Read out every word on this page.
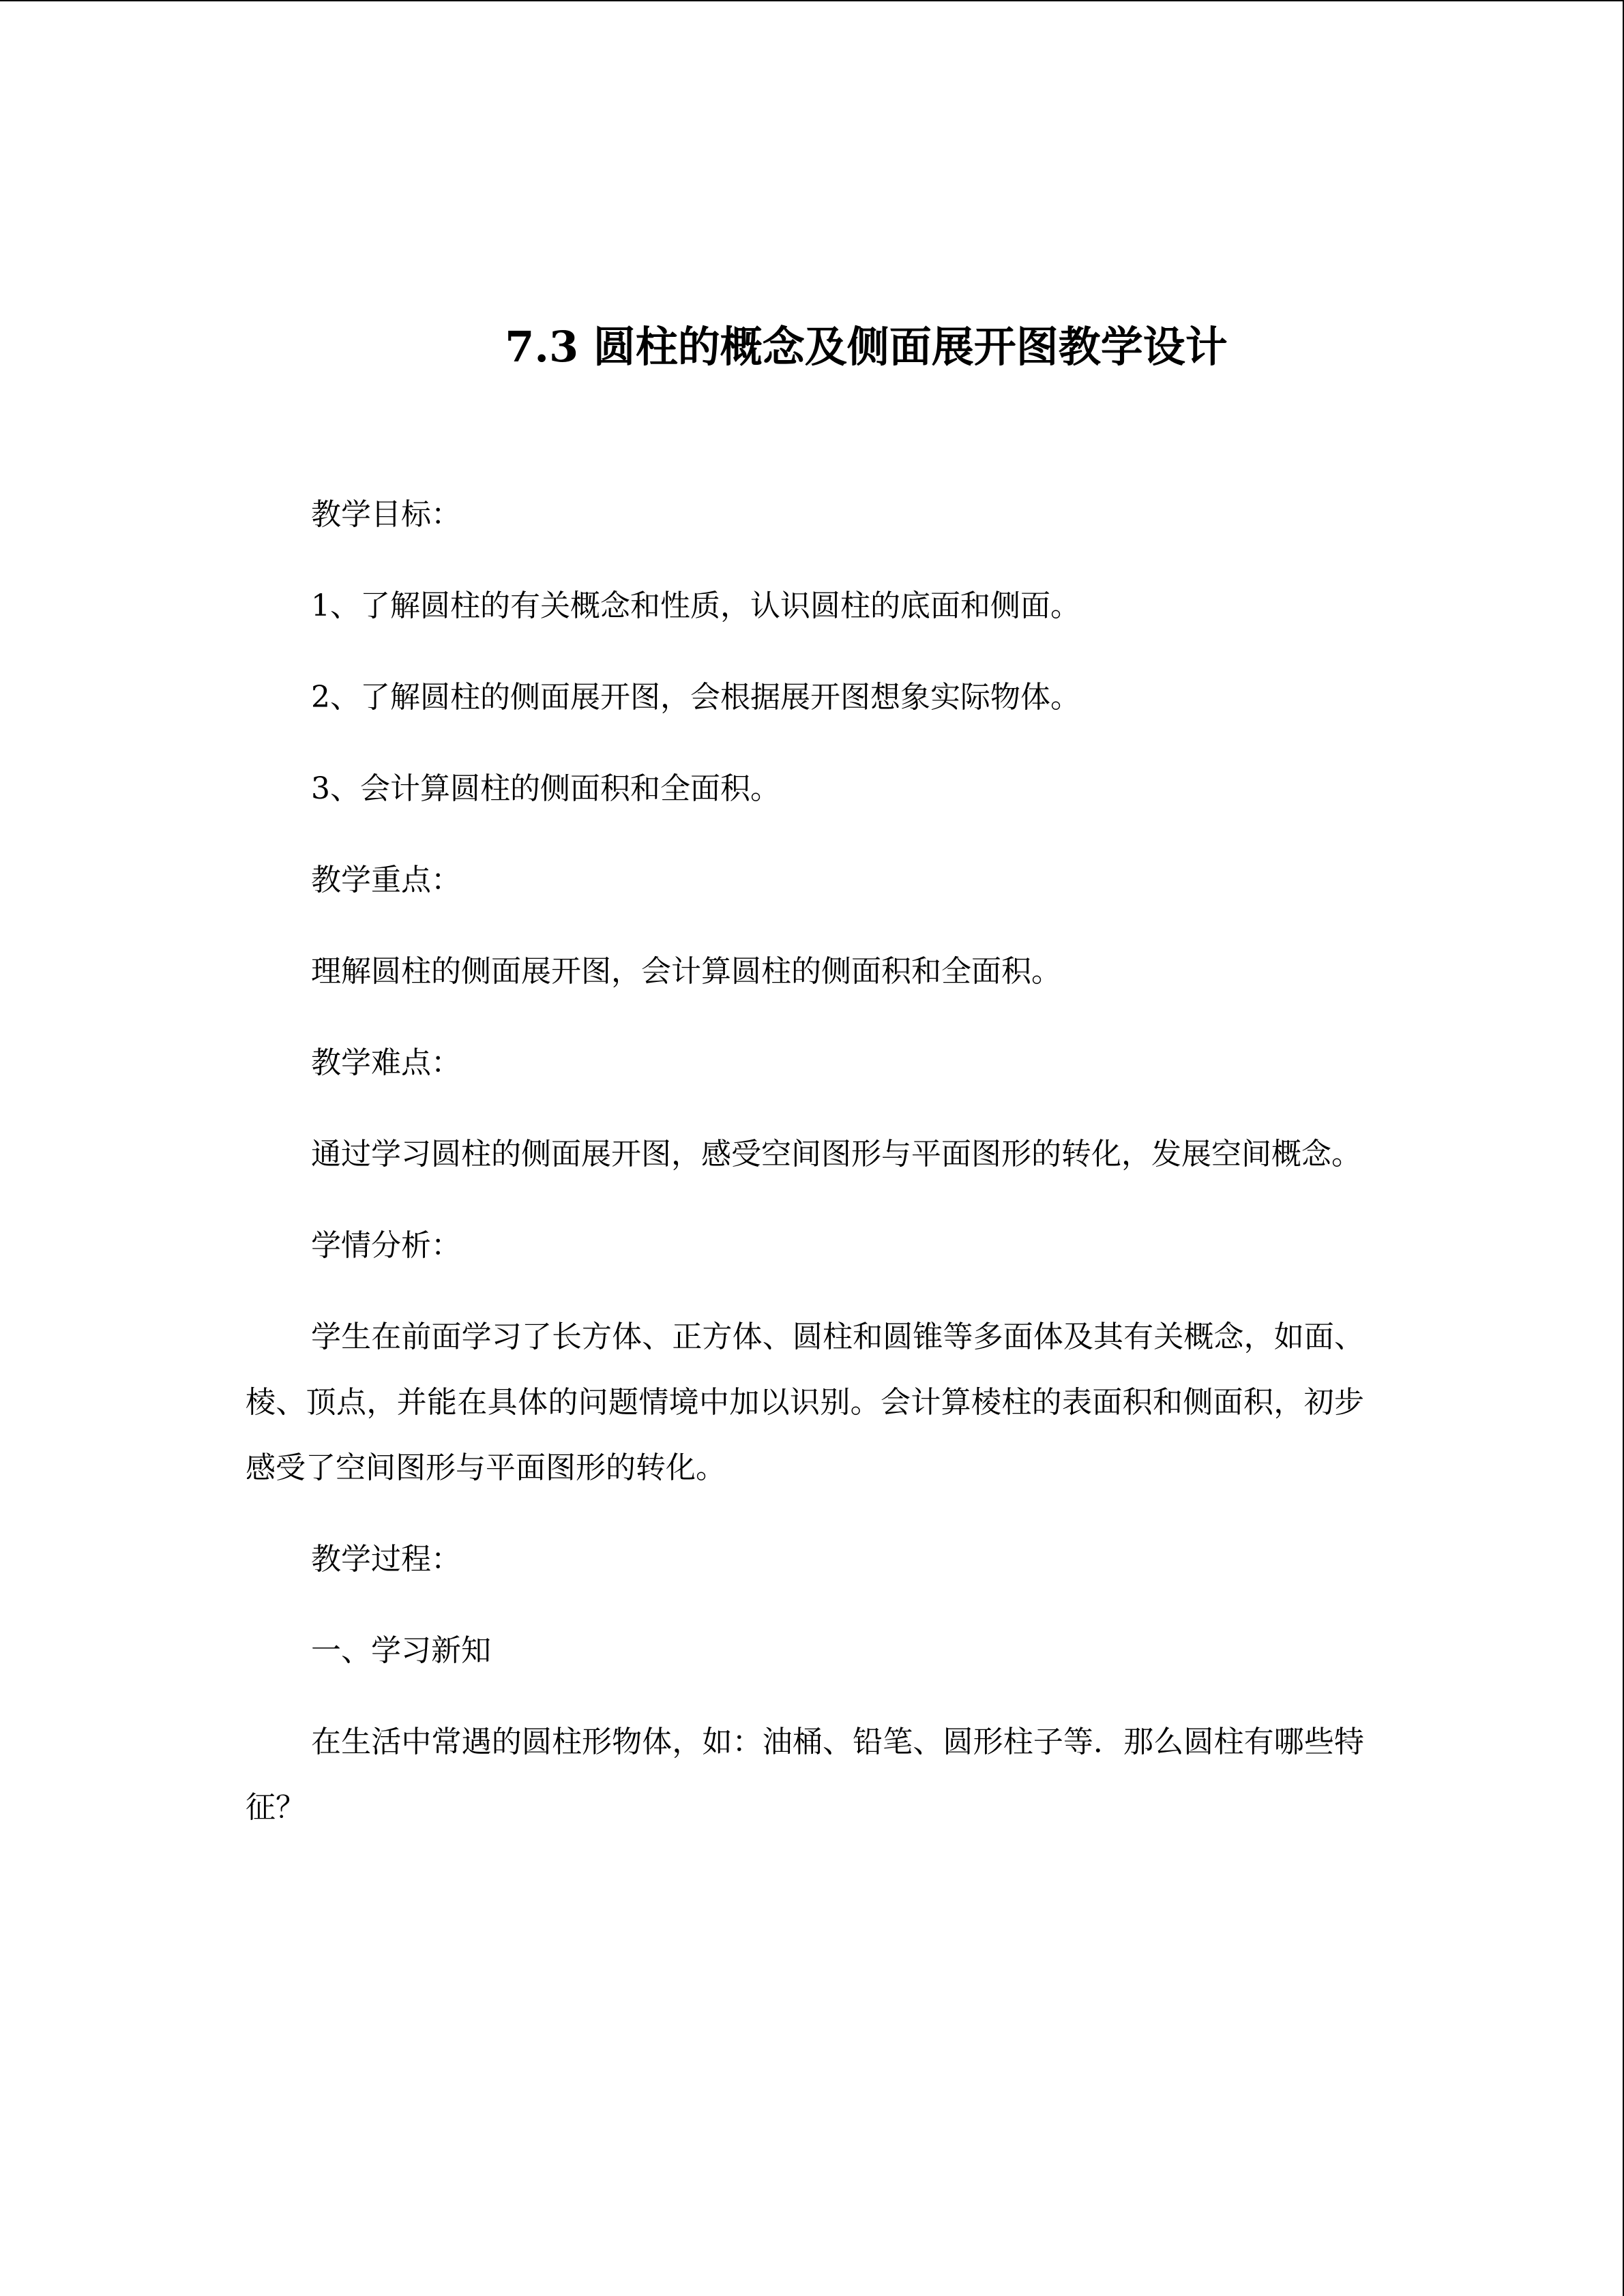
7.3 圆柱的概念及侧面展开图教学设计

教学目标：

1、了解圆柱的有关概念和性质，认识圆柱的底面和侧面。

2、了解圆柱的侧面展开图，会根据展开图想象实际物体。

3、会计算圆柱的侧面积和全面积。

教学重点：

理解圆柱的侧面展开图，会计算圆柱的侧面积和全面积。

教学难点：

通过学习圆柱的侧面展开图，感受空间图形与平面图形的转化，发展空间概念。

学情分析：

学生在前面学习了长方体、正方体、圆柱和圆锥等多面体及其有关概念，如面、棱、顶点，并能在具体的问题情境中加以识别。会计算棱柱的表面积和侧面积，初步感受了空间图形与平面图形的转化。

教学过程：

一、学习新知

在生活中常遇的圆柱形物体，如：油桶、铅笔、圆形柱子等．那么圆柱有哪些特征？
